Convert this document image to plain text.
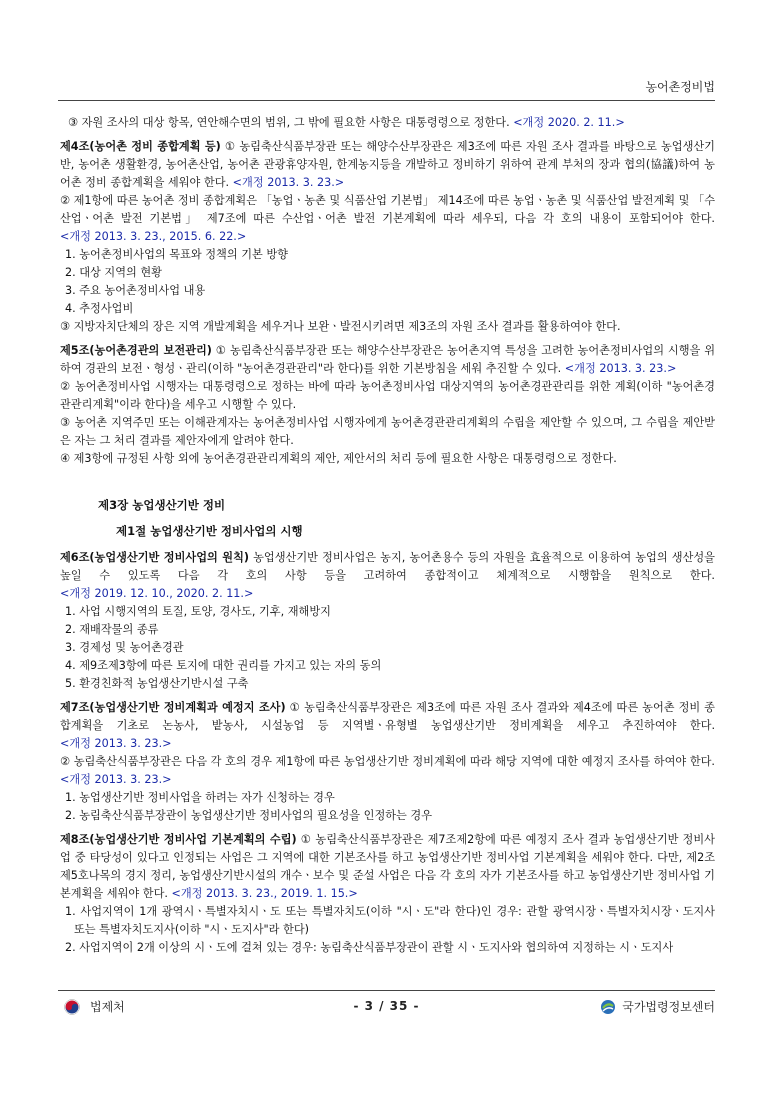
농어촌정비법

③ 자원 조사의 대상 항목, 연안해수면의 범위, 그 밖에 필요한 사항은 대통령령으로 정한다. <개정 2020. 2. 11.>

제4조(농어촌 정비 종합계획 등) ① 농림축산식품부장관 또는 해양수산부장관은 제3조에 따른 자원 조사 결과를 바탕으로 농업생산기반, 농어촌 생활환경, 농어촌산업, 농어촌 관광휴양자원, 한계농지등을 개발하고 정비하기 위하여 관계 부처의 장과 협의(協議)하여 농어촌 정비 종합계획을 세워야 한다. <개정 2013. 3. 23.>

② 제1항에 따른 농어촌 정비 종합계획은 「농업ㆍ농촌 및 식품산업 기본법」 제14조에 따른 농업ㆍ농촌 및 식품산업 발전계획 및 「수산업ㆍ어촌 발전 기본법」 제7조에 따른 수산업ㆍ어촌 발전 기본계획에 따라 세우되, 다음 각 호의 내용이 포함되어야 한다. <개정 2013. 3. 23., 2015. 6. 22.>

1. 농어촌정비사업의 목표와 정책의 기본 방향

2. 대상 지역의 현황

3. 주요 농어촌정비사업 내용

4. 추정사업비

③ 지방자치단체의 장은 지역 개발계획을 세우거나 보완ㆍ발전시키려면 제3조의 자원 조사 결과를 활용하여야 한다.

제5조(농어촌경관의 보전관리) ① 농림축산식품부장관 또는 해양수산부장관은 농어촌지역 특성을 고려한 농어촌정비사업의 시행을 위하여 경관의 보전ㆍ형성ㆍ관리(이하 "농어촌경관관리"라 한다)를 위한 기본방침을 세워 추진할 수 있다. <개정 2013. 3. 23.>

② 농어촌정비사업 시행자는 대통령령으로 정하는 바에 따라 농어촌정비사업 대상지역의 농어촌경관관리를 위한 계획(이하 "농어촌경관관리계획"이라 한다)을 세우고 시행할 수 있다.

③ 농어촌 지역주민 또는 이해관계자는 농어촌정비사업 시행자에게 농어촌경관관리계획의 수립을 제안할 수 있으며, 그 수립을 제안받은 자는 그 처리 결과를 제안자에게 알려야 한다.

④ 제3항에 규정된 사항 외에 농어촌경관관리계획의 제안, 제안서의 처리 등에 필요한 사항은 대통령령으로 정한다.

제3장 농업생산기반 정비
제1절 농업생산기반 정비사업의 시행

제6조(농업생산기반 정비사업의 원칙) 농업생산기반 정비사업은 농지, 농어촌용수 등의 자원을 효율적으로 이용하여 농업의 생산성을 높일 수 있도록 다음 각 호의 사항 등을 고려하여 종합적이고 체계적으로 시행함을 원칙으로 한다. <개정 2019. 12. 10., 2020. 2. 11.>

1. 사업 시행지역의 토질, 토양, 경사도, 기후, 재해방지

2. 재배작물의 종류

3. 경제성 및 농어촌경관

4. 제9조제3항에 따른 토지에 대한 권리를 가지고 있는 자의 동의

5. 환경친화적 농업생산기반시설 구축

제7조(농업생산기반 정비계획과 예정지 조사) ① 농림축산식품부장관은 제3조에 따른 자원 조사 결과와 제4조에 따른 농어촌 정비 종합계획을 기초로 논농사, 밭농사, 시설농업 등 지역별ㆍ유형별 농업생산기반 정비계획을 세우고 추진하여야 한다. <개정 2013. 3. 23.>

② 농림축산식품부장관은 다음 각 호의 경우 제1항에 따른 농업생산기반 정비계획에 따라 해당 지역에 대한 예정지 조사를 하여야 한다. <개정 2013. 3. 23.>

1. 농업생산기반 정비사업을 하려는 자가 신청하는 경우

2. 농림축산식품부장관이 농업생산기반 정비사업의 필요성을 인정하는 경우

제8조(농업생산기반 정비사업 기본계획의 수립) ① 농림축산식품부장관은 제7조제2항에 따른 예정지 조사 결과 농업생산기반 정비사업 중 타당성이 있다고 인정되는 사업은 그 지역에 대한 기본조사를 하고 농업생산기반 정비사업 기본계획을 세워야 한다. 다만, 제2조제5호나목의 경지 정리, 농업생산기반시설의 개수ㆍ보수 및 준설 사업은 다음 각 호의 자가 기본조사를 하고 농업생산기반 정비사업 기본계획을 세워야 한다. <개정 2013. 3. 23., 2019. 1. 15.>

1. 사업지역이 1개 광역시ㆍ특별자치시ㆍ도 또는 특별자치도(이하 "시ㆍ도"라 한다)인 경우: 관할 광역시장ㆍ특별자치시장ㆍ도지사 또는 특별자치도지사(이하 "시ㆍ도지사"라 한다)

2. 사업지역이 2개 이상의 시ㆍ도에 걸쳐 있는 경우: 농림축산식품부장관이 관할 시ㆍ도지사와 협의하여 지정하는 시ㆍ도지사

법제처	- 3 / 35 -	국가법령정보센터
